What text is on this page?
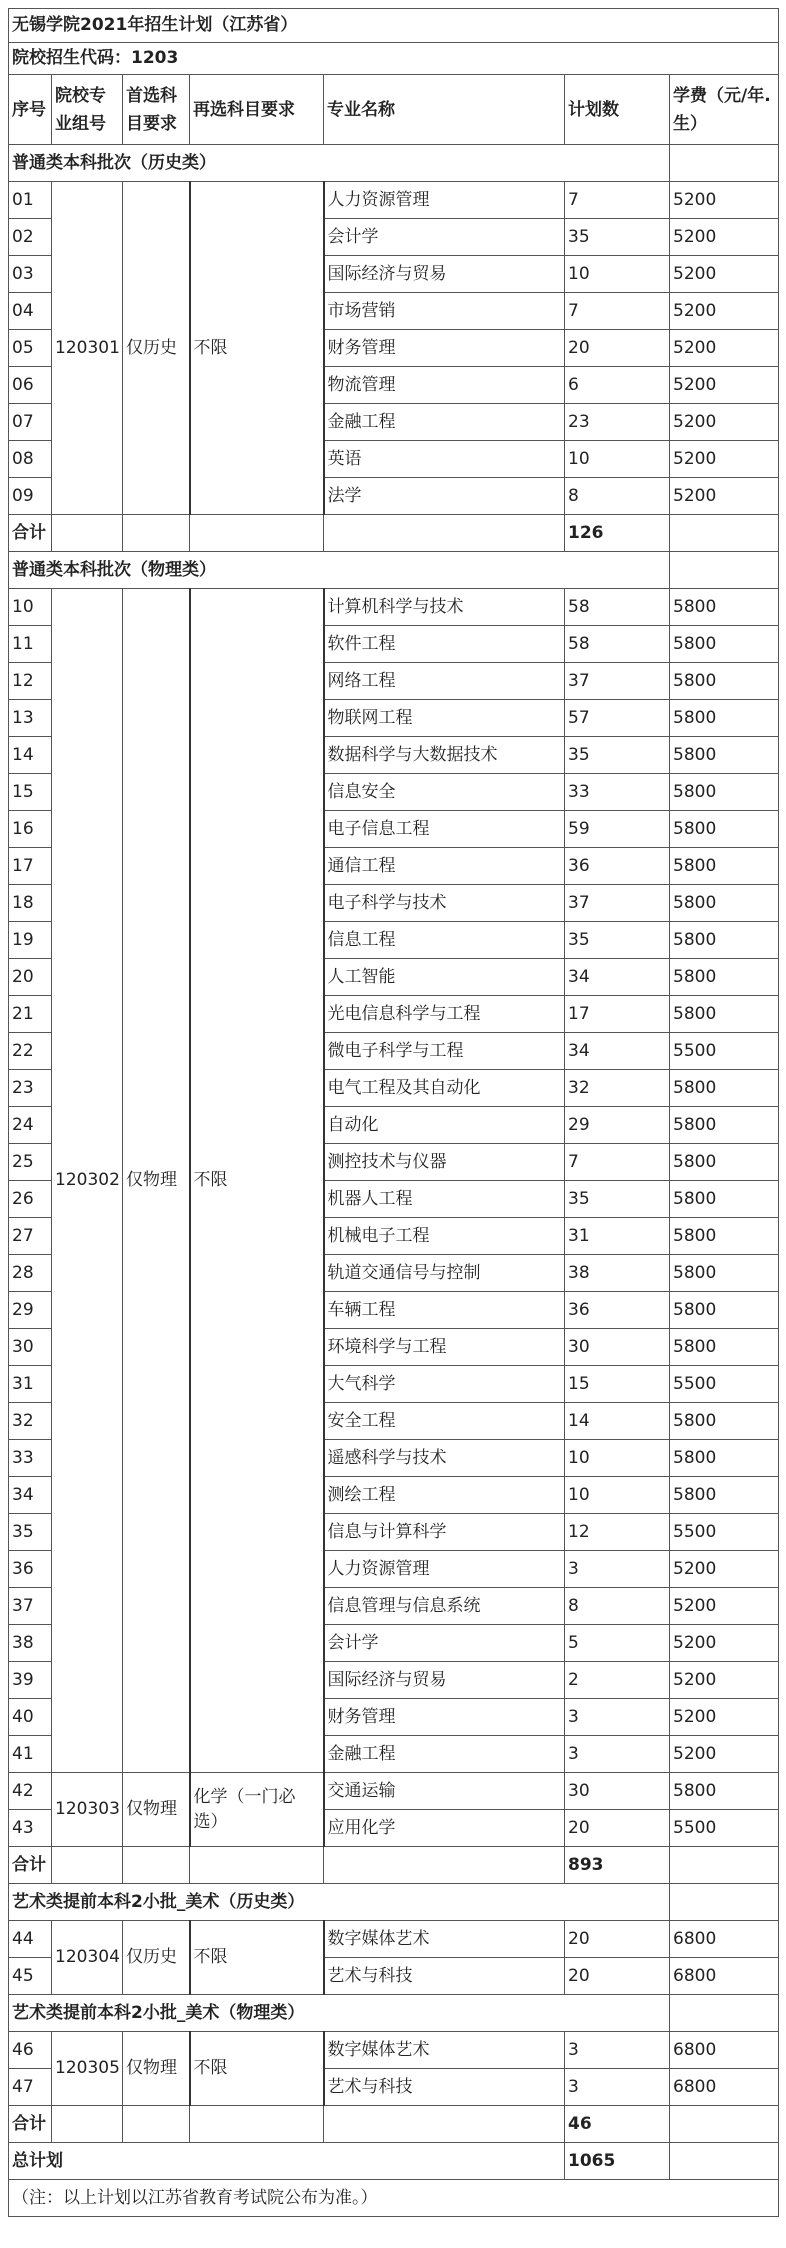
无锡学院2021年招生计划（江苏省）						
院校招生代码：1203						
序号	院校专业组号	首选科目要求	再选科目要求	专业名称	计划数	学费（元/年.生）
普通类本科批次（历史类）						
01	120301	仅历史	不限	人力资源管理	7	5200
02				会计学	35	5200
03				国际经济与贸易	10	5200
04				市场营销	7	5200
05				财务管理	20	5200
06				物流管理	6	5200
07				金融工程	23	5200
08				英语	10	5200
09				法学	8	5200
合计					126	
普通类本科批次（物理类）						
10	120302	仅物理	不限	计算机科学与技术	58	5800
11				软件工程	58	5800
12				网络工程	37	5800
13				物联网工程	57	5800
14				数据科学与大数据技术	35	5800
15				信息安全	33	5800
16				电子信息工程	59	5800
17				通信工程	36	5800
18				电子科学与技术	37	5800
19				信息工程	35	5800
20				人工智能	34	5800
21				光电信息科学与工程	17	5800
22				微电子科学与工程	34	5500
23				电气工程及其自动化	32	5800
24				自动化	29	5800
25				测控技术与仪器	7	5800
26				机器人工程	35	5800
27				机械电子工程	31	5800
28				轨道交通信号与控制	38	5800
29				车辆工程	36	5800
30				环境科学与工程	30	5800
31				大气科学	15	5500
32				安全工程	14	5800
33				遥感科学与技术	10	5800
34				测绘工程	10	5800
35				信息与计算科学	12	5500
36				人力资源管理	3	5200
37				信息管理与信息系统	8	5200
38				会计学	5	5200
39				国际经济与贸易	2	5200
40				财务管理	3	5200
41				金融工程	3	5200
42	120303	仅物理	化学（一门必选）	交通运输	30	5800
43				应用化学	20	5500
合计					893	
艺术类提前本科2小批_美术（历史类）						
44	120304	仅历史	不限	数字媒体艺术	20	6800
45				艺术与科技	20	6800
艺术类提前本科2小批_美术（物理类）						
46	120305	仅物理	不限	数字媒体艺术	3	6800
47				艺术与科技	3	6800
合计					46	
总计划					1065	
（注：以上计划以江苏省教育考试院公布为准。）						
